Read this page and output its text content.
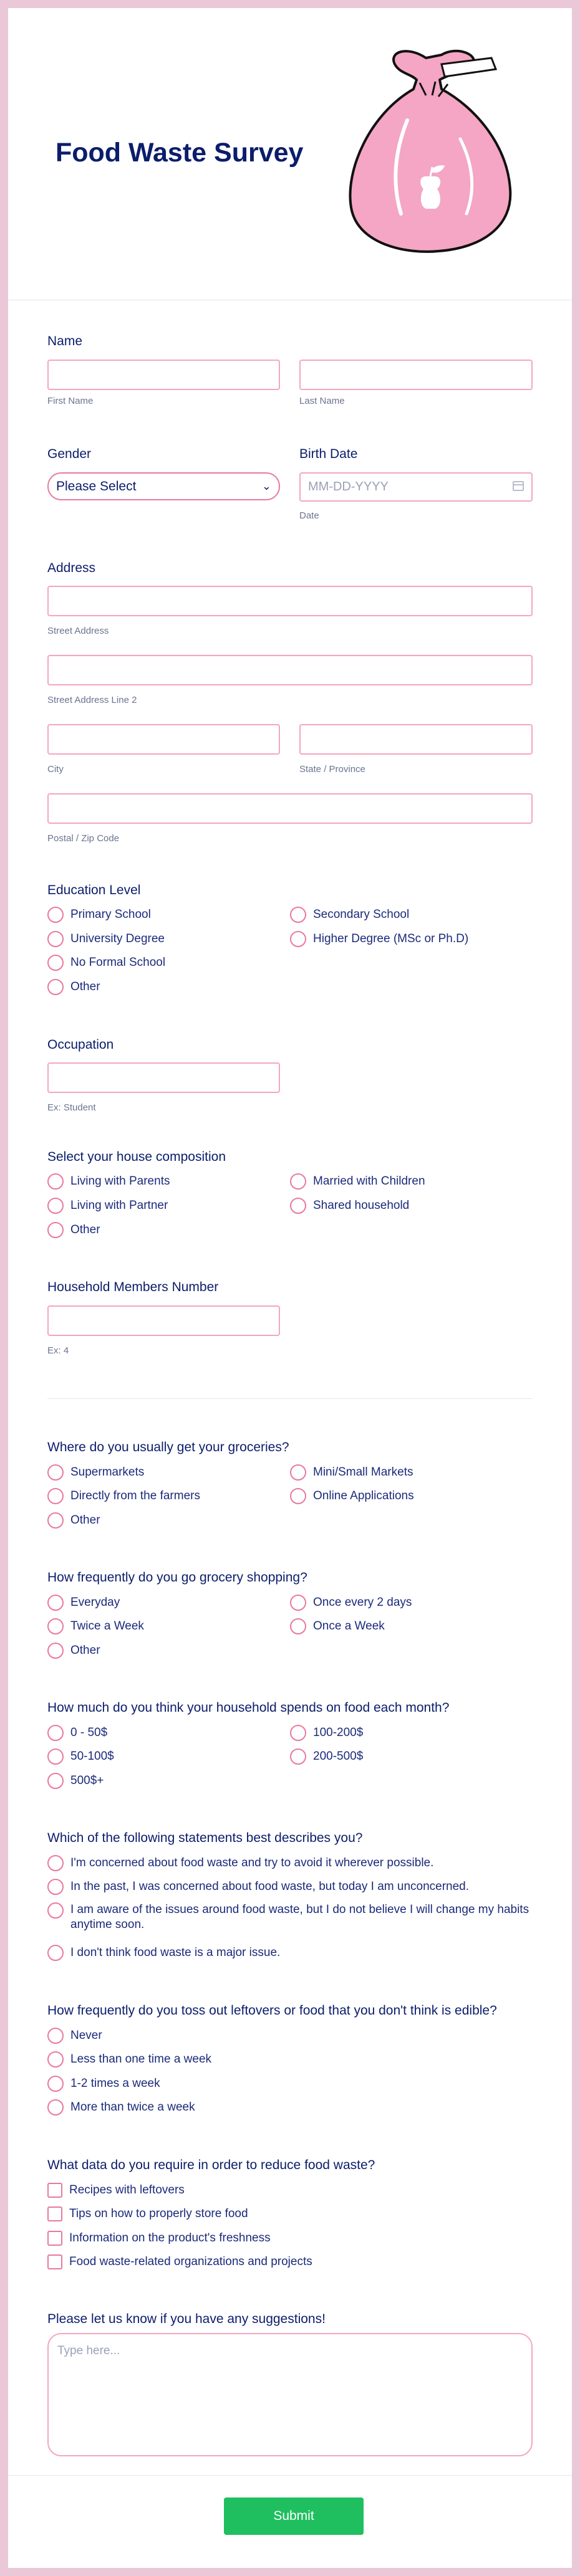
Food Waste Survey
Name
First Name	Last Name
Gender
Please Select	⌄
Birth Date
MM-DD-YYYY
Date
Address
Street Address
Street Address Line 2
City	State / Province
Postal / Zip Code
Education Level
Primary School	Secondary School
University Degree	Higher Degree (MSc or Ph.D)
No Formal School
Other
Occupation
Ex: Student
Select your house composition
Living with Parents	Married with Children
Living with Partner	Shared household
Other
Household Members Number
Ex: 4
Where do you usually get your groceries?
Supermarkets	Mini/Small Markets
Directly from the farmers	Online Applications
Other
How frequently do you go grocery shopping?
Everyday	Once every 2 days
Twice a Week	Once a Week
Other
How much do you think your household spends on food each month?
0 - 50$	100-200$
50-100$	200-500$
500$+
Which of the following statements best describes you?
I'm concerned about food waste and try to avoid it wherever possible.
In the past, I was concerned about food waste, but today I am unconcerned.
I am aware of the issues around food waste, but I do not believe I will change my habits anytime soon.
I don't think food waste is a major issue.
How frequently do you toss out leftovers or food that you don't think is edible?
Never
Less than one time a week
1-2 times a week
More than twice a week
What data do you require in order to reduce food waste?
Recipes with leftovers
Tips on how to properly store food
Information on the product's freshness
Food waste-related organizations and projects
Please let us know if you have any suggestions!
Type here...
Submit
